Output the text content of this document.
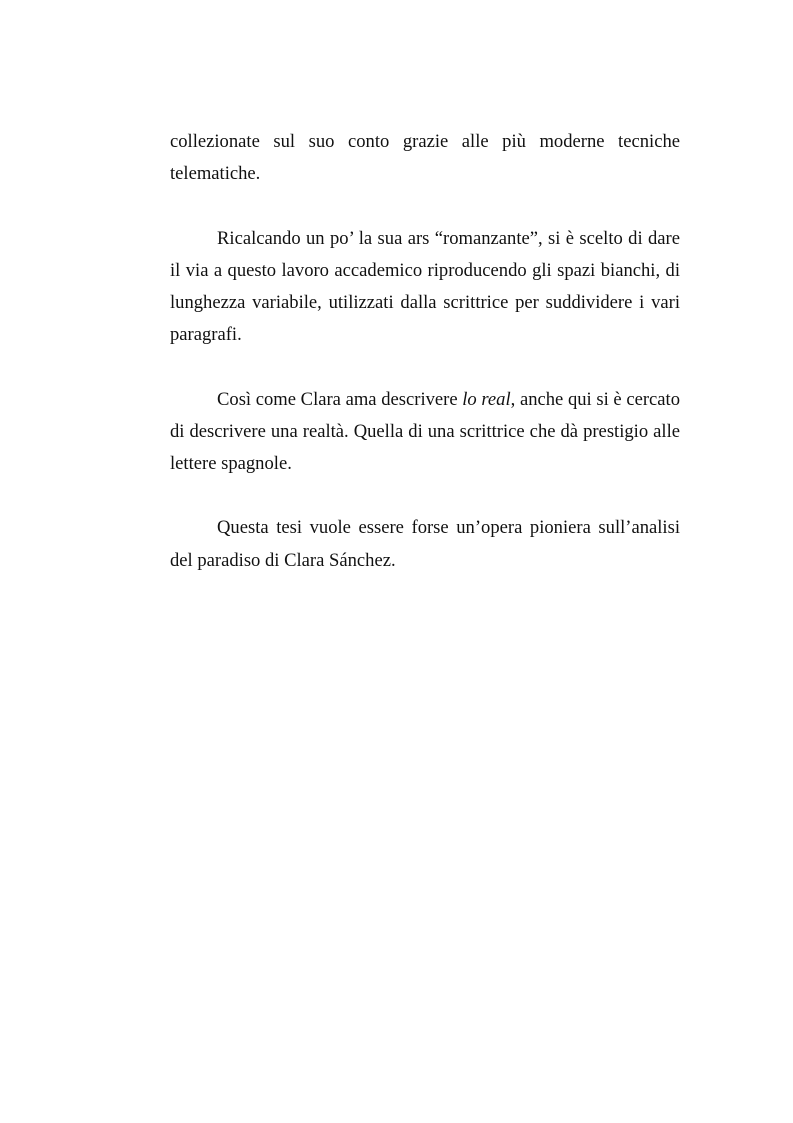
collezionate sul suo conto grazie alle più moderne tecniche telematiche.

Ricalcando un po’ la sua ars “romanzante”, si è scelto di dare il via a questo lavoro accademico riproducendo gli spazi bianchi, di lunghezza variabile, utilizzati dalla scrittrice per suddividere i vari paragrafi.

Così come Clara ama descrivere lo real, anche qui si è cercato di descrivere una realtà. Quella di una scrittrice che dà prestigio alle lettere spagnole.

Questa tesi vuole essere forse un’opera pioniera sull’analisi del paradiso di Clara Sánchez.
